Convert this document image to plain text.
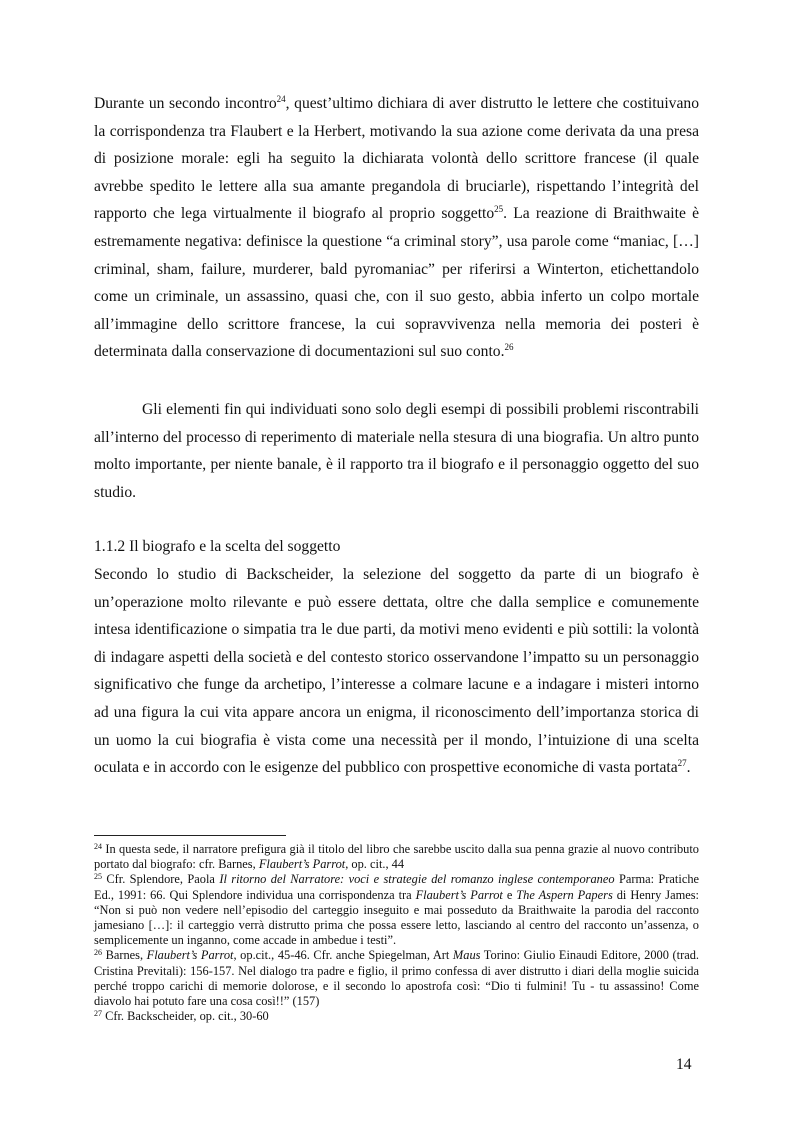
Durante un secondo incontro$^{24}$, quest’ultimo dichiara di aver distrutto le lettere che costituivano la corrispondenza tra Flaubert e la Herbert, motivando la sua azione come derivata da una presa di posizione morale: egli ha seguito la dichiarata volontà dello scrittore francese (il quale avrebbe spedito le lettere alla sua amante pregandola di bruciarle), rispettando l’integrità del rapporto che lega virtualmente il biografo al proprio soggetto$^{25}$. La reazione di Braithwaite è estremamente negativa: definisce la questione “a criminal story”, usa parole come “maniac, […] criminal, sham, failure, murderer, bald pyromaniac” per riferirsi a Winterton, etichettandolo come un criminale, un assassino, quasi che, con il suo gesto, abbia inferto un colpo mortale all’immagine dello scrittore francese, la cui sopravvivenza nella memoria dei posteri è determinata dalla conservazione di documentazioni sul suo conto.$^{26}$

Gli elementi fin qui individuati sono solo degli esempi di possibili problemi riscontrabili all’interno del processo di reperimento di materiale nella stesura di una biografia. Un altro punto molto importante, per niente banale, è il rapporto tra il biografo e il personaggio oggetto del suo studio.

1.1.2 Il biografo e la scelta del soggetto

Secondo lo studio di Backscheider, la selezione del soggetto da parte di un biografo è un’operazione molto rilevante e può essere dettata, oltre che dalla semplice e comunemente intesa identificazione o simpatia tra le due parti, da motivi meno evidenti e più sottili: la volontà di indagare aspetti della società e del contesto storico osservandone l’impatto su un personaggio significativo che funge da archetipo, l’interesse a colmare lacune e a indagare i misteri intorno ad una figura la cui vita appare ancora un enigma, il riconoscimento dell’importanza storica di un uomo la cui biografia è vista come una necessità per il mondo, l’intuizione di una scelta oculata e in accordo con le esigenze del pubblico con prospettive economiche di vasta portata$^{27}$.

$^{24}$ In questa sede, il narratore prefigura già il titolo del libro che sarebbe uscito dalla sua penna grazie al nuovo contributo portato dal biografo: cfr. Barnes, Flaubert’s Parrot, op. cit., 44

$^{25}$ Cfr. Splendore, Paola Il ritorno del Narratore: voci e strategie del romanzo inglese contemporaneo Parma: Pratiche Ed., 1991: 66. Qui Splendore individua una corrispondenza tra Flaubert’s Parrot e The Aspern Papers di Henry James: “Non si può non vedere nell’episodio del carteggio inseguito e mai posseduto da Braithwaite la parodia del racconto jamesiano […]: il carteggio verrà distrutto prima che possa essere letto, lasciando al centro del racconto un’assenza, o semplicemente un inganno, come accade in ambedue i testi”.

$^{26}$ Barnes, Flaubert’s Parrot, op.cit., 45-46. Cfr. anche Spiegelman, Art Maus Torino: Giulio Einaudi Editore, 2000 (trad. Cristina Previtali): 156-157. Nel dialogo tra padre e figlio, il primo confessa di aver distrutto i diari della moglie suicida perché troppo carichi di memorie dolorose, e il secondo lo apostrofa così: “Dio ti fulmini! Tu - tu assassino! Come diavolo hai potuto fare una cosa così!!” (157)

$^{27}$ Cfr. Backscheider, op. cit., 30-60

14
